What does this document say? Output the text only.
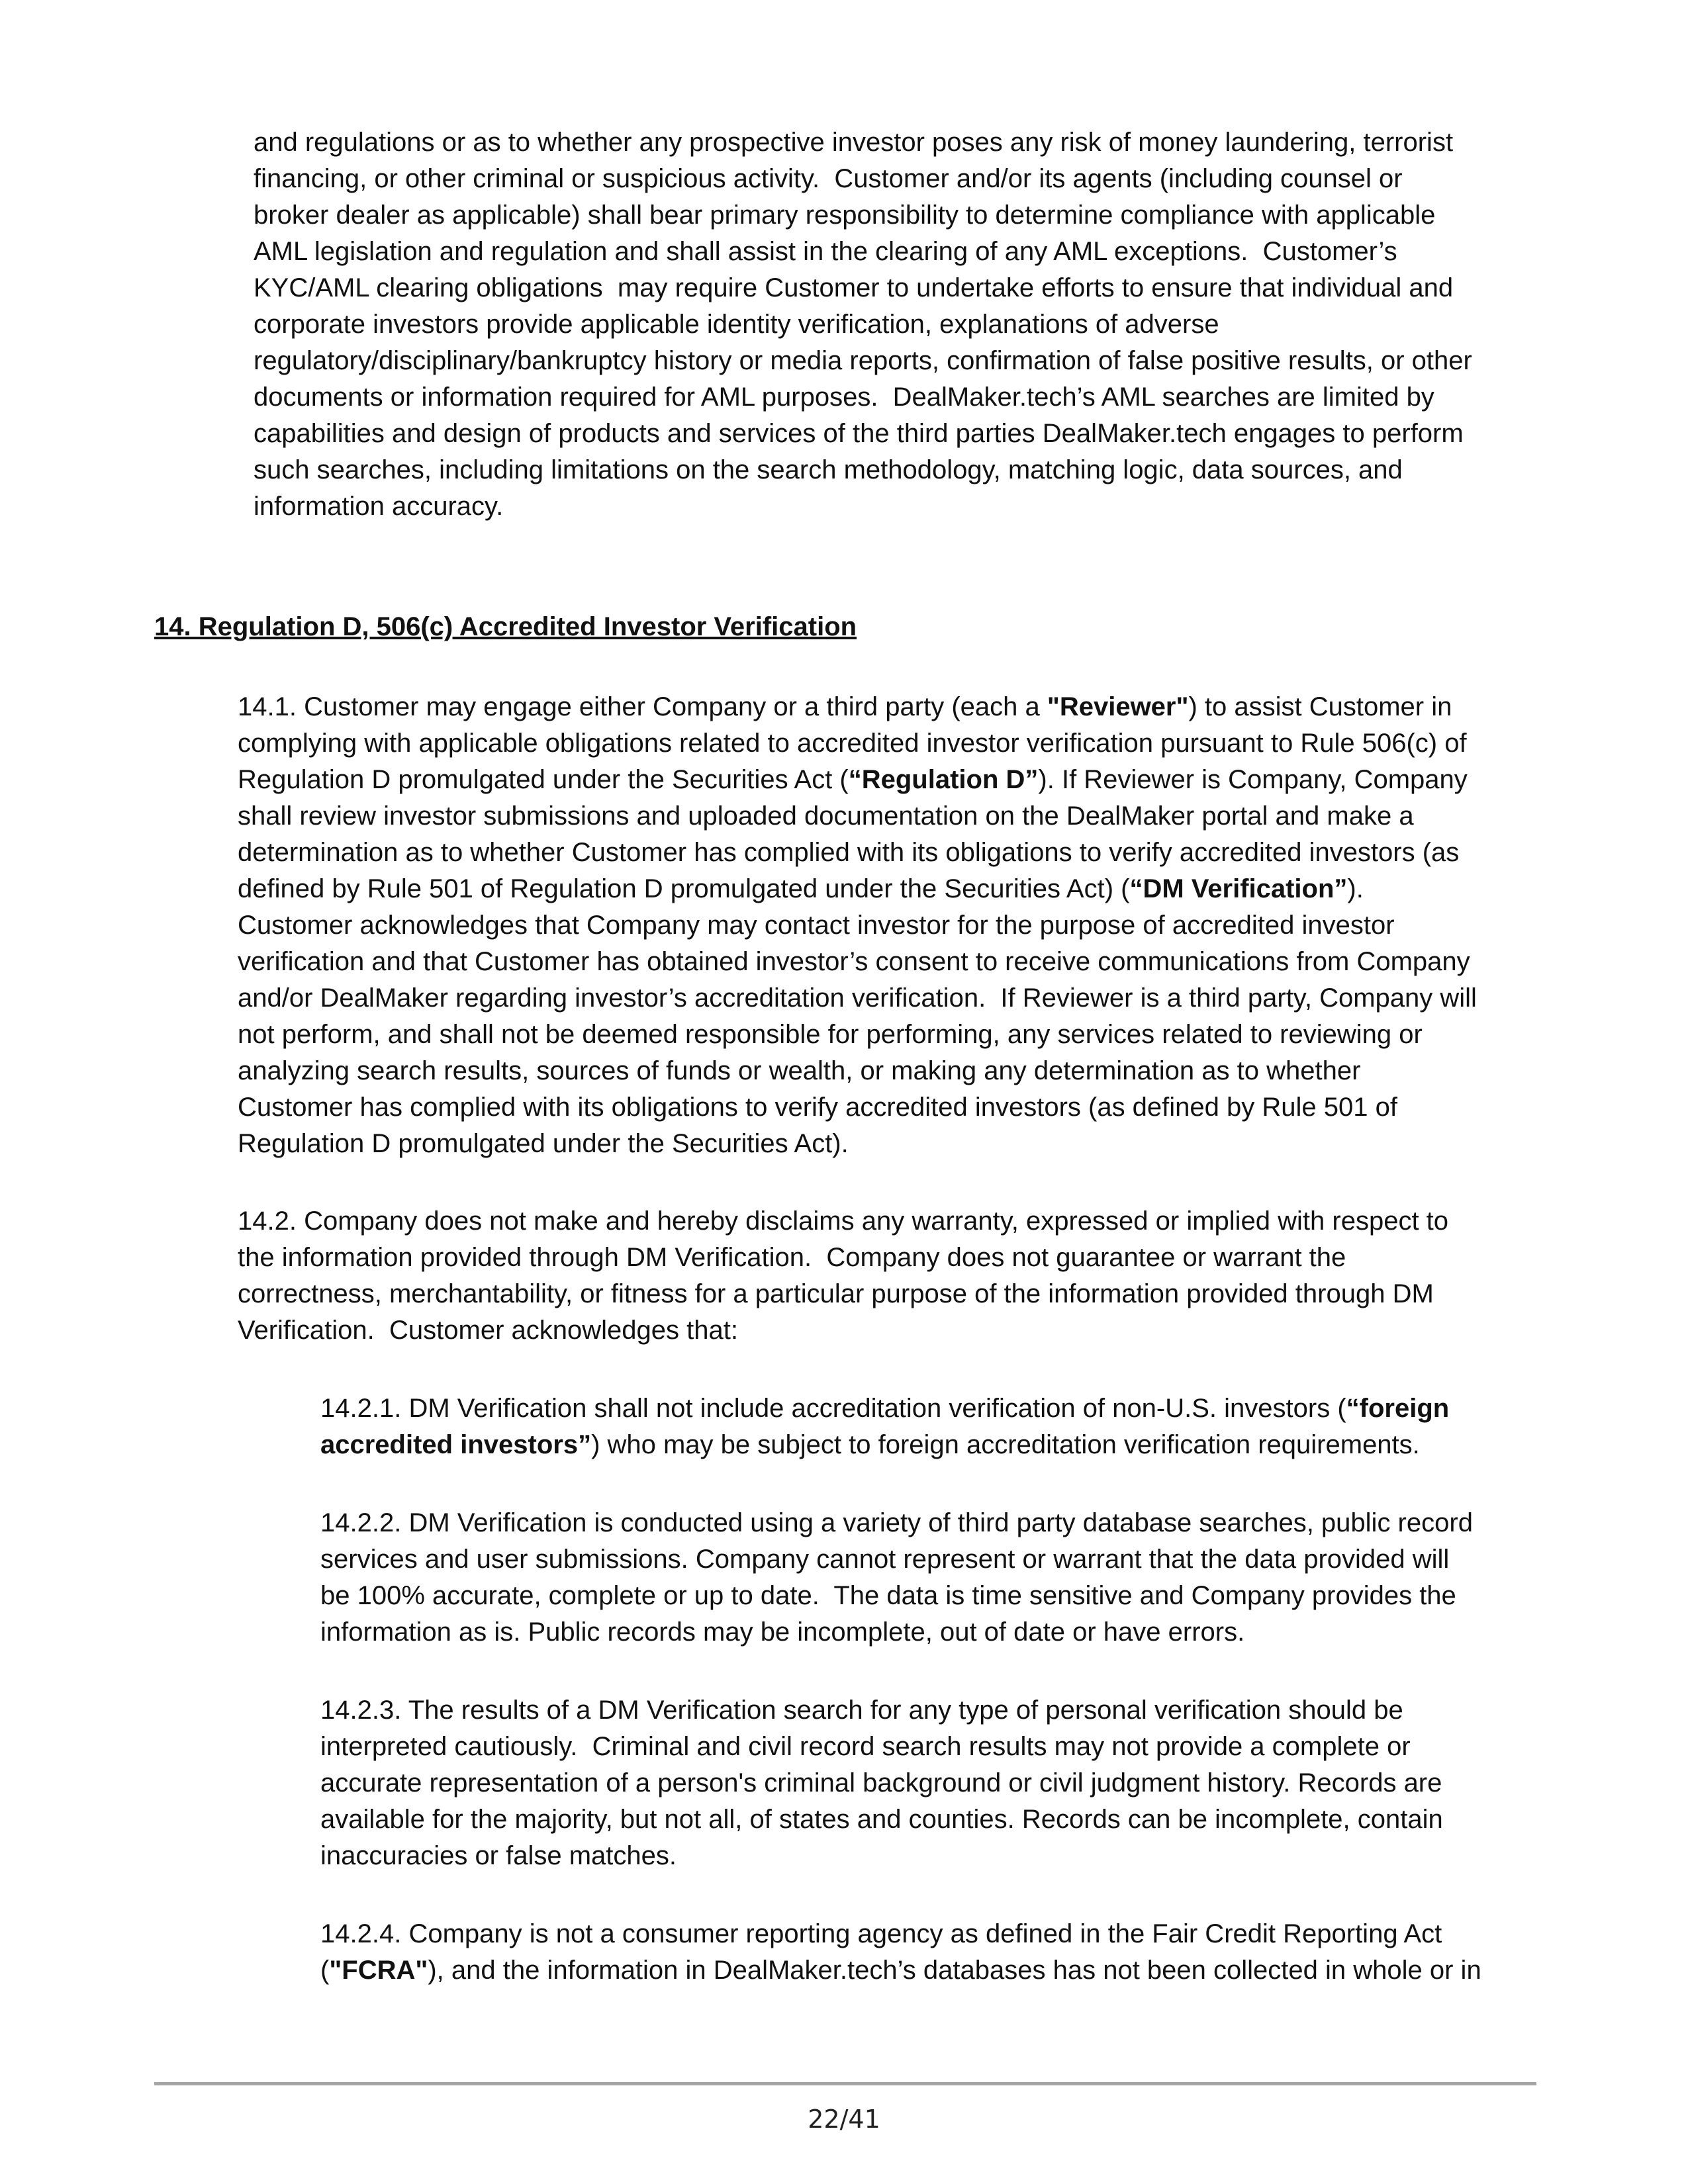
and regulations or as to whether any prospective investor poses any risk of money laundering, terrorist
financing, or other criminal or suspicious activity.  Customer and/or its agents (including counsel or
broker dealer as applicable) shall bear primary responsibility to determine compliance with applicable
AML legislation and regulation and shall assist in the clearing of any AML exceptions.  Customer’s
KYC/AML clearing obligations  may require Customer to undertake efforts to ensure that individual and
corporate investors provide applicable identity verification, explanations of adverse
regulatory/disciplinary/bankruptcy history or media reports, confirmation of false positive results, or other
documents or information required for AML purposes.  DealMaker.tech’s AML searches are limited by
capabilities and design of products and services of the third parties DealMaker.tech engages to perform
such searches, including limitations on the search methodology, matching logic, data sources, and
information accuracy.
14. Regulation D, 506(c) Accredited Investor Verification
14.1. Customer may engage either Company or a third party (each a "Reviewer") to assist Customer in
complying with applicable obligations related to accredited investor verification pursuant to Rule 506(c) of
Regulation D promulgated under the Securities Act (“Regulation D”). If Reviewer is Company, Company
shall review investor submissions and uploaded documentation on the DealMaker portal and make a
determination as to whether Customer has complied with its obligations to verify accredited investors (as
defined by Rule 501 of Regulation D promulgated under the Securities Act) (“DM Verification”).
Customer acknowledges that Company may contact investor for the purpose of accredited investor
verification and that Customer has obtained investor’s consent to receive communications from Company
and/or DealMaker regarding investor’s accreditation verification.  If Reviewer is a third party, Company will
not perform, and shall not be deemed responsible for performing, any services related to reviewing or
analyzing search results, sources of funds or wealth, or making any determination as to whether
Customer has complied with its obligations to verify accredited investors (as defined by Rule 501 of
Regulation D promulgated under the Securities Act).
14.2. Company does not make and hereby disclaims any warranty, expressed or implied with respect to
the information provided through DM Verification.  Company does not guarantee or warrant the
correctness, merchantability, or fitness for a particular purpose of the information provided through DM
Verification.  Customer acknowledges that:
14.2.1. DM Verification shall not include accreditation verification of non-U.S. investors (“foreign
accredited investors”) who may be subject to foreign accreditation verification requirements.
14.2.2. DM Verification is conducted using a variety of third party database searches, public record
services and user submissions. Company cannot represent or warrant that the data provided will
be 100% accurate, complete or up to date.  The data is time sensitive and Company provides the
information as is. Public records may be incomplete, out of date or have errors.
14.2.3. The results of a DM Verification search for any type of personal verification should be
interpreted cautiously.  Criminal and civil record search results may not provide a complete or
accurate representation of a person's criminal background or civil judgment history. Records are
available for the majority, but not all, of states and counties. Records can be incomplete, contain
inaccuracies or false matches.
14.2.4. Company is not a consumer reporting agency as defined in the Fair Credit Reporting Act
("FCRA"), and the information in DealMaker.tech’s databases has not been collected in whole or in
22/41
